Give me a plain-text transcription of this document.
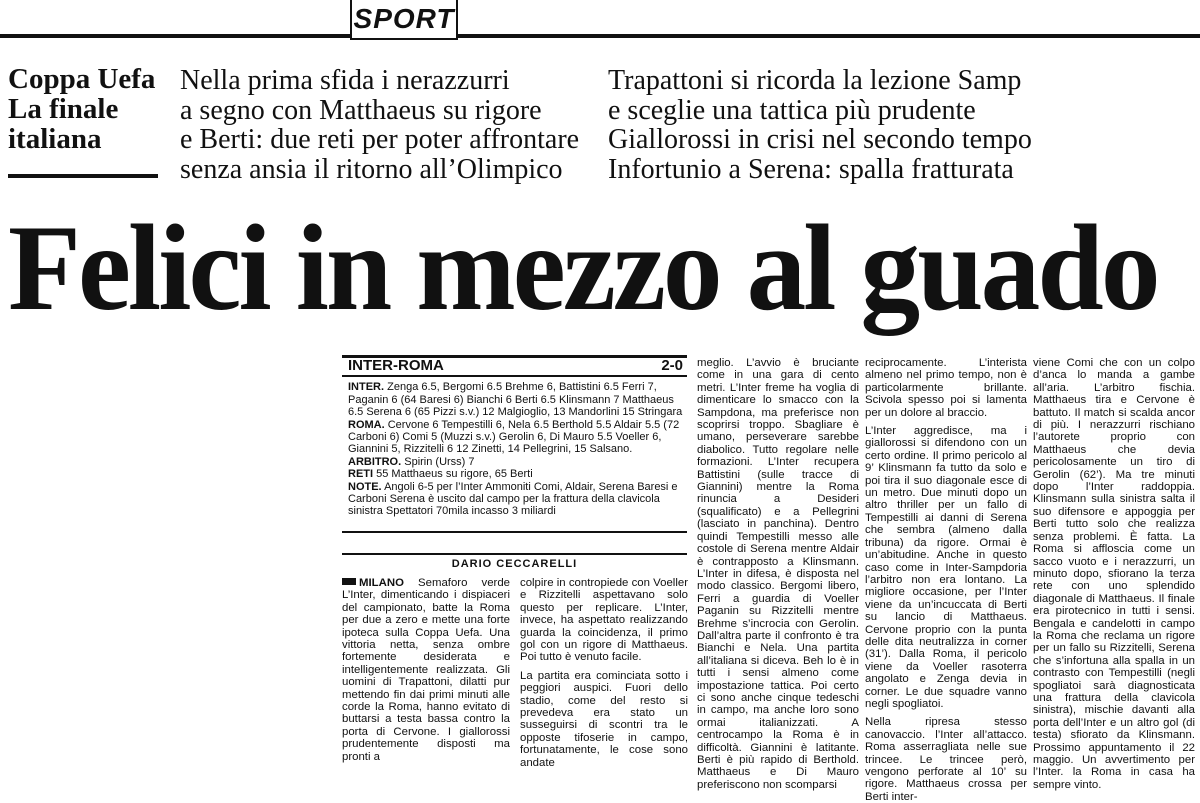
SPORT
Coppa Uefa
La finale
italiana
Nella prima sfida i nerazzurri
a segno con Matthaeus su rigore
e Berti: due reti per poter affrontare
senza ansia il ritorno all’Olimpico
Trapattoni si ricorda la lezione Samp
e sceglie una tattica più prudente
Giallorossi in crisi nel secondo tempo
Infortunio a Serena: spalla fratturata
Felici in mezzo al guado
INTER-ROMA	2-0

INTER. Zenga 6.5, Bergomi 6.5 Brehme 6, Battistini 6.5 Ferri 7, Paganin 6 (64 Baresi 6) Bianchi 6 Berti 6.5 Klinsmann 7 Matthaeus 6.5 Serena 6 (65 Pizzi s.v.) 12 Malgioglio, 13 Mandorlini 15 Stringara

ROMA. Cervone 6 Tempestilli 6, Nela 6.5 Berthold 5.5 Aldair 5.5 (72 Carboni 6) Comi 5 (Muzzi s.v.) Gerolin 6, Di Mauro 5.5 Voeller 6, Giannini 5, Rizzitelli 6 12 Zinetti, 14 Pellegrini, 15 Salsano.

ARBITRO. Spirin (Urss) 7

RETI 55 Matthaeus su rigore, 65 Berti

NOTE. Angoli 6-5 per l’Inter Ammoniti Comi, Aldair, Serena Baresi e Carboni Serena è uscito dal campo per la frattura della clavicola sinistra Spettatori 70mila incasso 3 miliardi

DARIO CECCARELLI

MILANO Semaforo verde L’Inter, dimenticando i dispiaceri del campionato, batte la Roma per due a zero e mette una forte ipoteca sulla Coppa Uefa. Una vittoria netta, senza ombre fortemente desiderata e intelligentemente realizzata. Gli uomini di Trapattoni, dilatti pur mettendo fin dai primi minuti alle corde la Roma, hanno evitato di buttarsi a testa bassa contro la porta di Cervone. I giallorossi prudentemente disposti ma pronti a

colpire in contropiede con Voeller e Rizzitelli aspettavano solo questo per replicare. L’Inter, invece, ha aspettato realizzando guarda la coincidenza, il primo gol con un rigore di Matthaeus. Poi tutto è venuto facile.

La partita era cominciata sotto i peggiori auspici. Fuori dello stadio, come del resto si prevedeva era stato un susseguirsi di scontri tra le opposte tifoserie in campo, fortunatamente, le cose sono andate

meglio. L’avvio è bruciante come in una gara di cento metri. L’Inter freme ha voglia di dimenticare lo smacco con la Sampdona, ma preferisce non scoprirsi troppo. Sbagliare è umano, perseverare sarebbe diabolico. Tutto regolare nelle formazioni. L’Inter recupera Battistini (sulle tracce di Giannini) mentre la Roma rinuncia a Desideri (squalificato) e a Pellegrini (lasciato in panchina). Dentro quindi Tempestilli messo alle costole di Serena mentre Aldair è contrapposto a Klinsmann. L’Inter in difesa, è disposta nel modo classico. Bergomi libero, Ferri a guardia di Voeller Paganin su Rizzitelli mentre Brehme s’incrocia con Gerolin. Dall’altra parte il confronto è tra Bianchi e Nela. Una partita all’italiana si diceva. Beh lo è in tutti i sensi almeno come impostazione tattica. Poi certo ci sono anche cinque tedeschi in campo, ma anche loro sono ormai italianizzati. A centrocampo la Roma è in difficoltà. Giannini è latitante. Berti è più rapido di Berthold. Matthaeus e Di Mauro preferiscono non scomparsi

reciprocamente. L’interista almeno nel primo tempo, non è particolarmente brillante. Scivola spesso poi si lamenta per un dolore al braccio.

L’Inter aggredisce, ma i giallorossi si difendono con un certo ordine. Il primo pericolo al 9’ Klinsmann fa tutto da solo e poi tira il suo diagonale esce di un metro. Due minuti dopo un altro thriller per un fallo di Tempestilli ai danni di Serena che sembra (almeno dalla tribuna) da rigore. Ormai è un’abitudine. Anche in questo caso come in Inter-Sampdoria l’arbitro non era lontano. La migliore occasione, per l’Inter viene da un’incuccata di Berti su lancio di Matthaeus. Cervone proprio con la punta delle dita neutralizza in corner (31’). Dalla Roma, il pericolo viene da Voeller rasoterra angolato e Zenga devia in corner. Le due squadre vanno negli spogliatoi.

Nella ripresa stesso canovaccio. l’Inter all’attacco. Roma asserragliata nelle sue trincee. Le trincee però, vengono perforate al 10’ su rigore. Matthaeus crossa per Berti inter-

viene Comi che con un colpo d’anca lo manda a gambe all’aria. L’arbitro fischia. Matthaeus tira e Cervone è battuto. Il match si scalda ancor di più. I nerazzurri rischiano l’autorete proprio con Matthaeus che devia pericolosamente un tiro di Gerolin (62’). Ma tre minuti dopo l’Inter raddoppia. Klinsmann sulla sinistra salta il suo difensore e appoggia per Berti tutto solo che realizza senza problemi. È fatta. La Roma si affloscia come un sacco vuoto e i nerazzurri, un minuto dopo, sfiorano la terza rete con uno splendido diagonale di Matthaeus. Il finale era pirotecnico in tutti i sensi. Bengala e candelotti in campo la Roma che reclama un rigore per un fallo su Rizzitelli, Serena che s’infortuna alla spalla in un contrasto con Tempestilli (negli spogliatoi sarà diagnosticata una frattura della clavicola sinistra), mischie davanti alla porta dell’Inter e un altro gol (di testa) sfiorato da Klinsmann. Prossimo appuntamento il 22 maggio. Un avvertimento per l’Inter. la Roma in casa ha sempre vinto.
